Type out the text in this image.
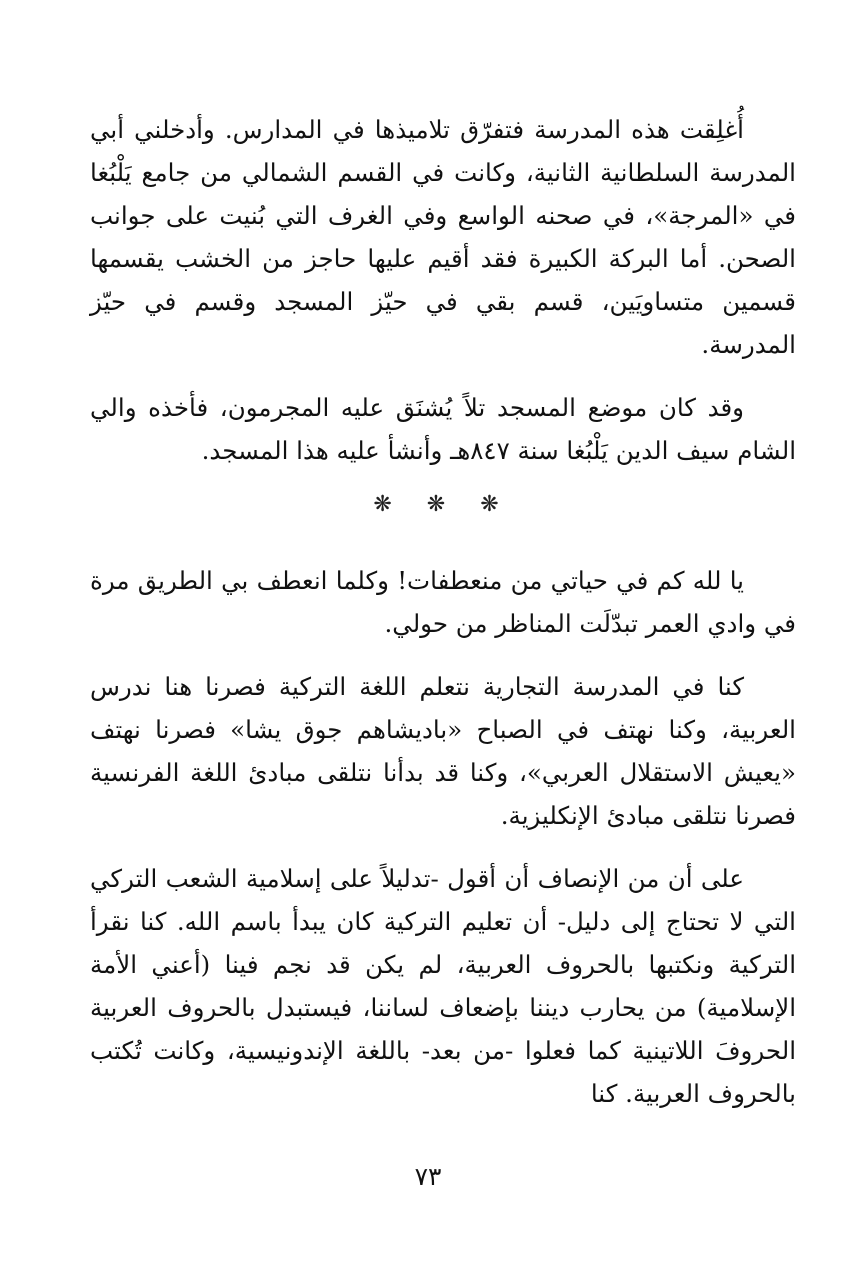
أُغلِقت هذه المدرسة فتفرّق تلاميذها في المدارس. وأدخلني أبي المدرسة السلطانية الثانية، وكانت في القسم الشمالي من جامع يَلْبُغا في «المرجة»، في صحنه الواسع وفي الغرف التي بُنيت على جوانب الصحن. أما البركة الكبيرة فقد أقيم عليها حاجز من الخشب يقسمها قسمين متساويَين، قسم بقي في حيّز المسجد وقسم في حيّز المدرسة.

وقد كان موضع المسجد تلاً يُشنَق عليه المجرمون، فأخذه والي الشام سيف الدين يَلْبُغا سنة ٨٤٧هـ وأنشأ عليه هذا المسجد.

❋ ❋ ❋

يا لله كم في حياتي من منعطفات! وكلما انعطف بي الطريق مرة في وادي العمر تبدّلَت المناظر من حولي.

كنا في المدرسة التجارية نتعلم اللغة التركية فصرنا هنا ندرس العربية، وكنا نهتف في الصباح «باديشاهم جوق يشا» فصرنا نهتف «يعيش الاستقلال العربي»، وكنا قد بدأنا نتلقى مبادئ اللغة الفرنسية فصرنا نتلقى مبادئ الإنكليزية.

على أن من الإنصاف أن أقول -تدليلاً على إسلامية الشعب التركي التي لا تحتاج إلى دليل- أن تعليم التركية كان يبدأ باسم الله. كنا نقرأ التركية ونكتبها بالحروف العربية، لم يكن قد نجم فينا (أعني الأمة الإسلامية) من يحارب ديننا بإضعاف لساننا، فيستبدل بالحروف العربية الحروفَ اللاتينية كما فعلوا -من بعد- باللغة الإندونيسية، وكانت تُكتب بالحروف العربية. كنا

٧٣
